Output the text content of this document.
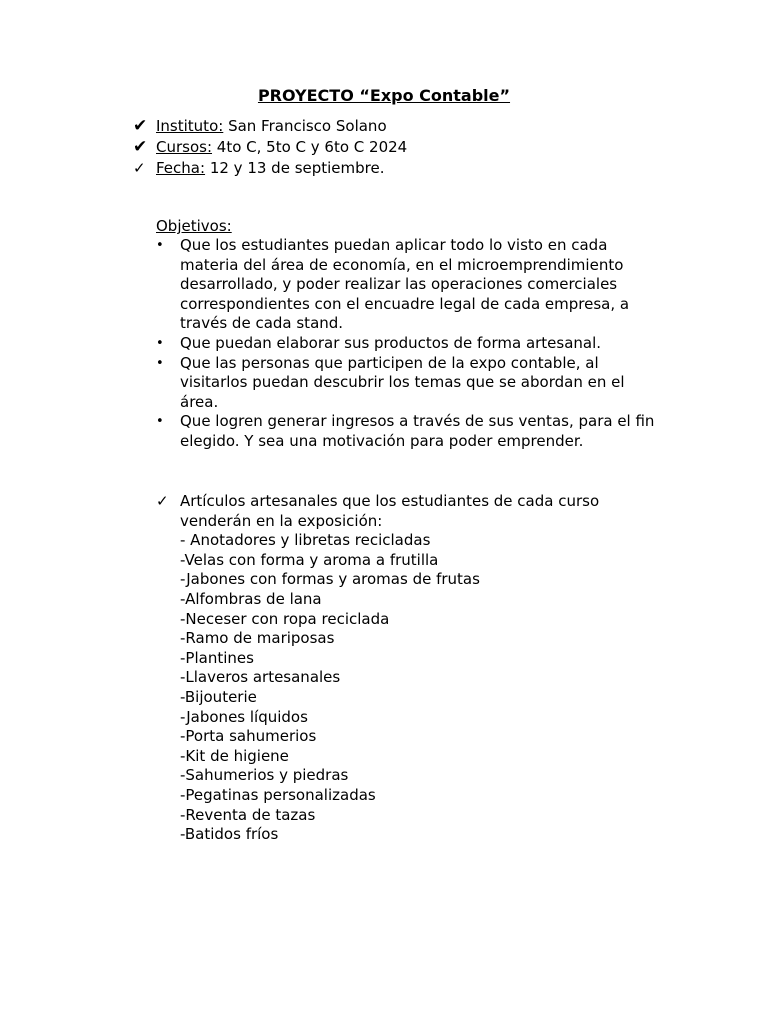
PROYECTO “Expo Contable”
✔ Instituto: San Francisco Solano
✔ Cursos: 4to C, 5to C y 6to C 2024
✓ Fecha: 12 y 13 de septiembre.
Objetivos:
• Que los estudiantes puedan aplicar todo lo visto en cada materia del área de economía, en el microemprendimiento desarrollado, y poder realizar las operaciones comerciales correspondientes con el encuadre legal de cada empresa, a través de cada stand.
• Que puedan elaborar sus productos de forma artesanal.
• Que las personas que participen de la expo contable, al visitarlos puedan descubrir los temas que se abordan en el área.
• Que logren generar ingresos a través de sus ventas, para el fin elegido. Y sea una motivación para poder emprender.
✓ Artículos artesanales que los estudiantes de cada curso venderán en la exposición:
- Anotadores y libretas recicladas
-Velas con forma y aroma a frutilla
-Jabones con formas y aromas de frutas
-Alfombras de lana
-Neceser con ropa reciclada
-Ramo de mariposas
-Plantines
-Llaveros artesanales
-Bijouterie
-Jabones líquidos
-Porta sahumerios
-Kit de higiene
-Sahumerios y piedras
-Pegatinas personalizadas
-Reventa de tazas
-Batidos fríos
